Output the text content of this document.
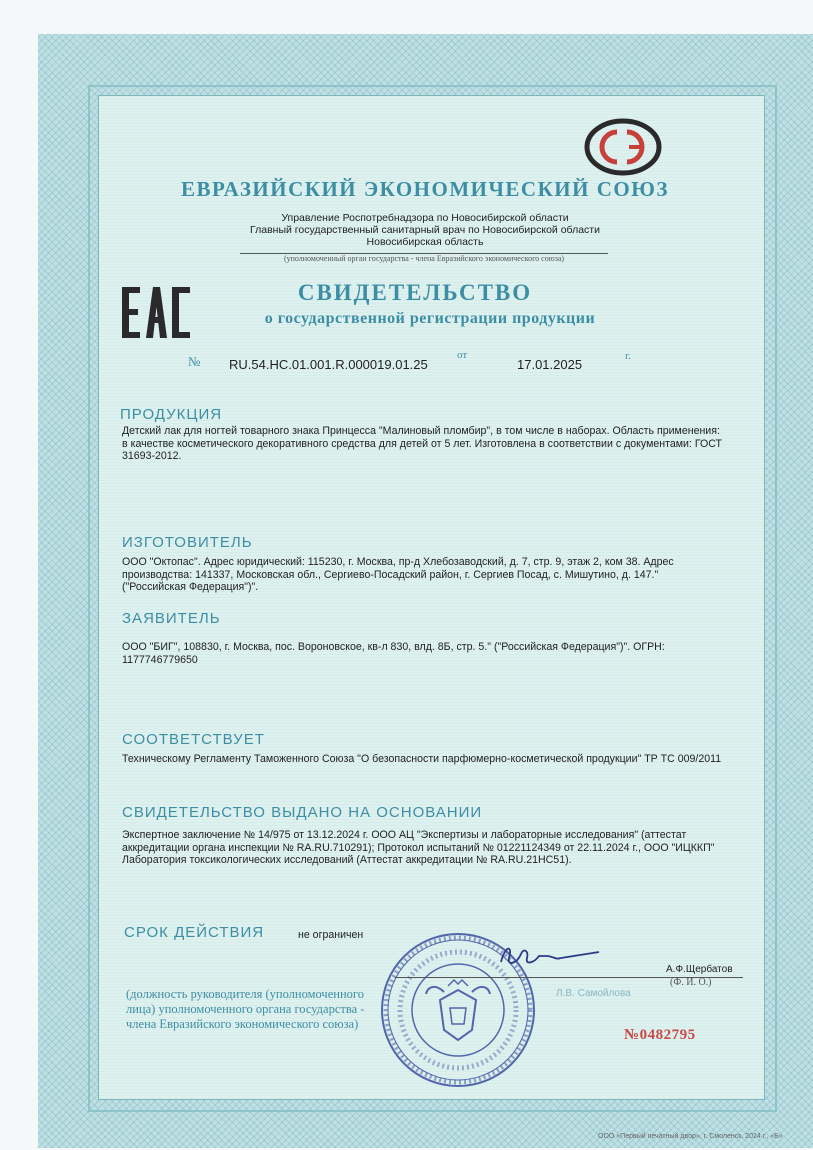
ЕВРАЗИЙСКИЙ ЭКОНОМИЧЕСКИЙ СОЮЗ
Управление Роспотребнадзора по Новосибирской области
Главный государственный санитарный врач по Новосибирской области
Новосибирская область
(уполномоченный орган государства - члена Евразийского экономического союза)
СВИДЕТЕЛЬСТВО
о государственной регистрации продукции
№ RU.54.НС.01.001.R.000019.01.25
от
17.01.2025
г.
ПРОДУКЦИЯ
Детский лак для ногтей товарного знака Принцесса "Малиновый пломбир", в том числе в наборах. Область применения: в качестве косметического декоративного средства для детей от 5 лет. Изготовлена в соответствии с документами: ГОСТ 31693-2012.
ИЗГОТОВИТЕЛЬ
ООО "Октопас". Адрес юридический: 115230, г. Москва, пр-д Хлебозаводский, д. 7, стр. 9, этаж 2, ком 38. Адрес производства: 141337, Московская обл., Сергиево-Посадский район, г. Сергиев Посад, с. Мишутино, д. 147." ("Российская Федерация")".
ЗАЯВИТЕЛЬ
ООО "БИГ", 108830, г. Москва, пос. Вороновское, кв-л 830, влд. 8Б, стр. 5." ("Российская Федерация")". ОГРН: 1177746779650
СООТВЕТСТВУЕТ
Техническому Регламенту Таможенного Союза "О безопасности парфюмерно-косметической продукции" ТР ТС 009/2011
СВИДЕТЕЛЬСТВО ВЫДАНО НА ОСНОВАНИИ
Экспертное заключение № 14/975 от 13.12.2024 г. ООО АЦ "Экспертизы и лабораторные исследования" (аттестат аккредитации органа инспекции № RA.RU.710291); Протокол испытаний № 01221124349 от 22.11.2024 г., ООО "ИЦККП" Лаборатория токсикологических исследований (Аттестат аккредитации № RA.RU.21НС51).
СРОК ДЕЙСТВИЯ	не ограничен
А.Ф.Щербатов
(Ф. И. О.)
(должность руководителя (уполномоченного лица) уполномоченного органа государства - члена Евразийского экономического союза)
Л.В. Самойлова
№0482795
ООО «Первый печатный двор», г. Смоленск, 2024 г., «Б»
